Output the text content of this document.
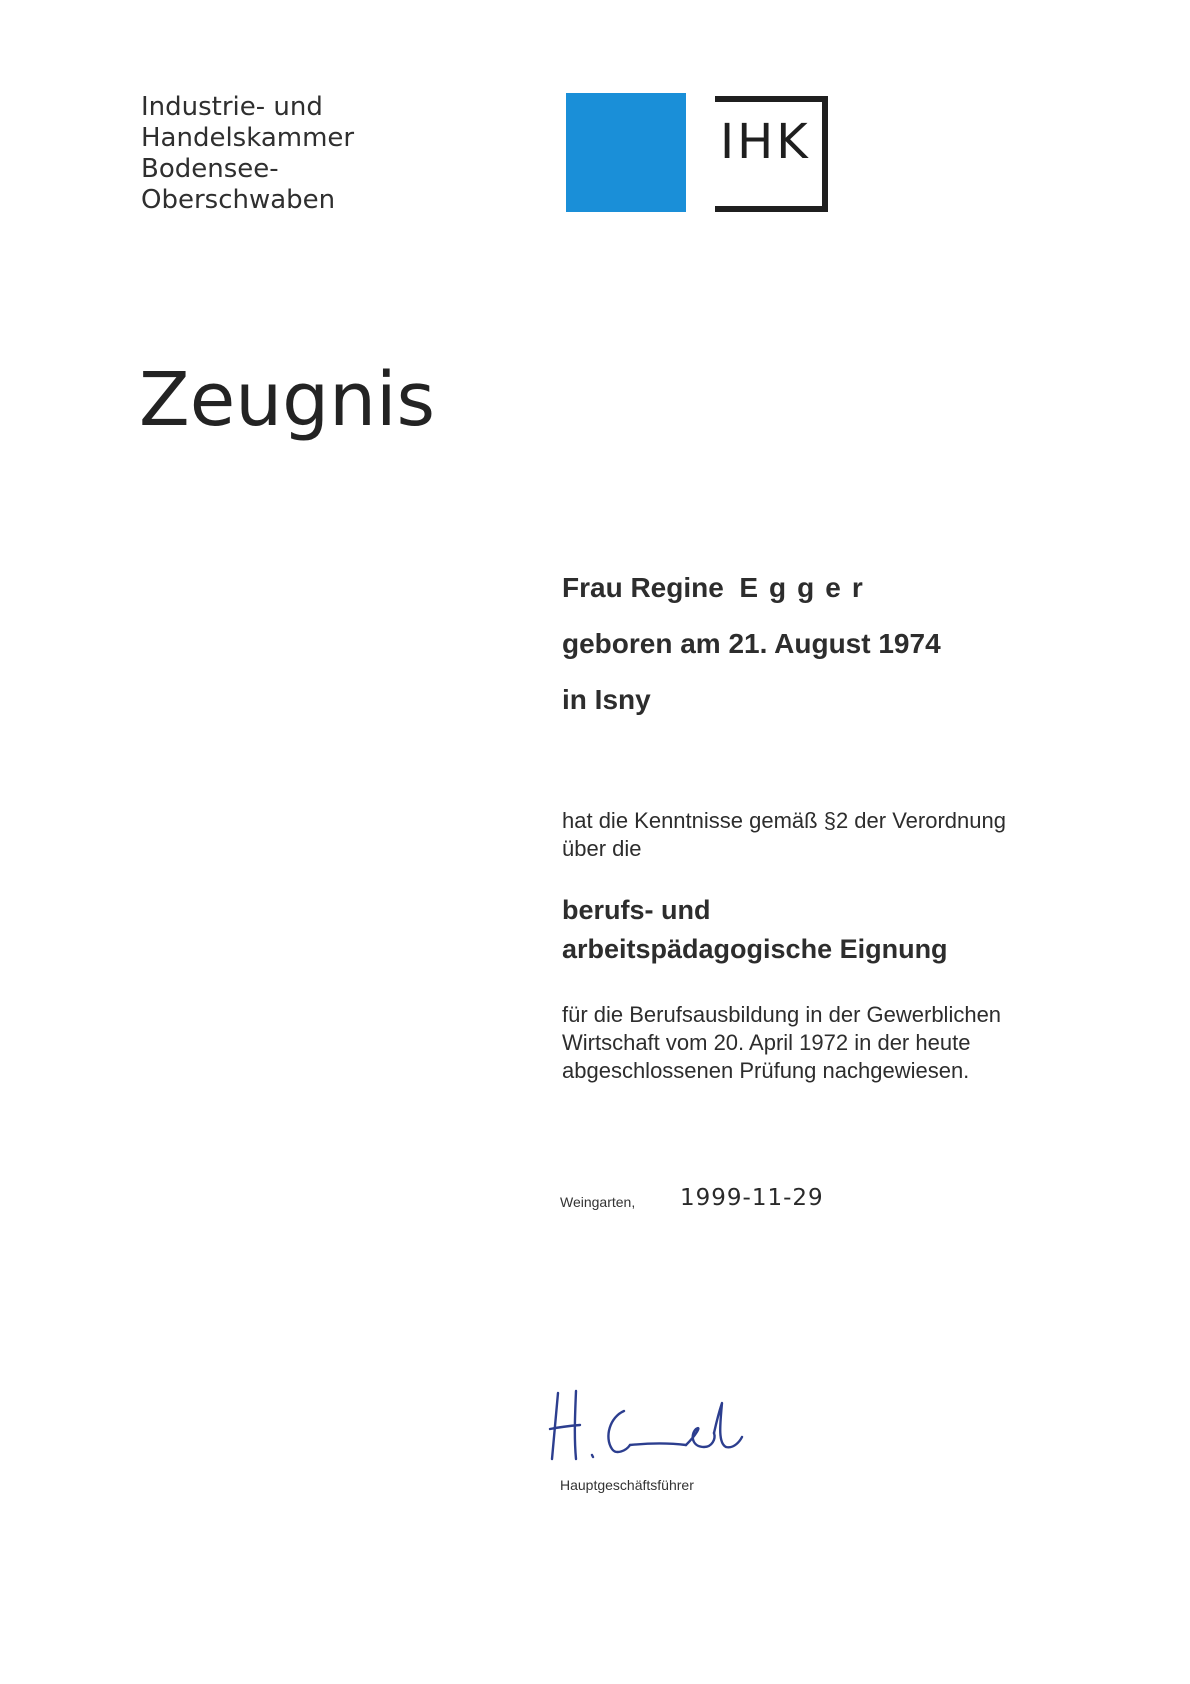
Industrie- und
Handelskammer
Bodensee-
Oberschwaben
IHK
Zeugnis
Frau Regine Egger
geboren am 21. August 1974
in Isny
hat die Kenntnisse gemäß §2 der Verordnung
über die
berufs- und
arbeitspädagogische Eignung
für die Berufsausbildung in der Gewerblichen
Wirtschaft vom 20. April 1972 in der heute
abgeschlossenen Prüfung nachgewiesen.
Weingarten, 1999-11-29
Hauptgeschäftsführer
